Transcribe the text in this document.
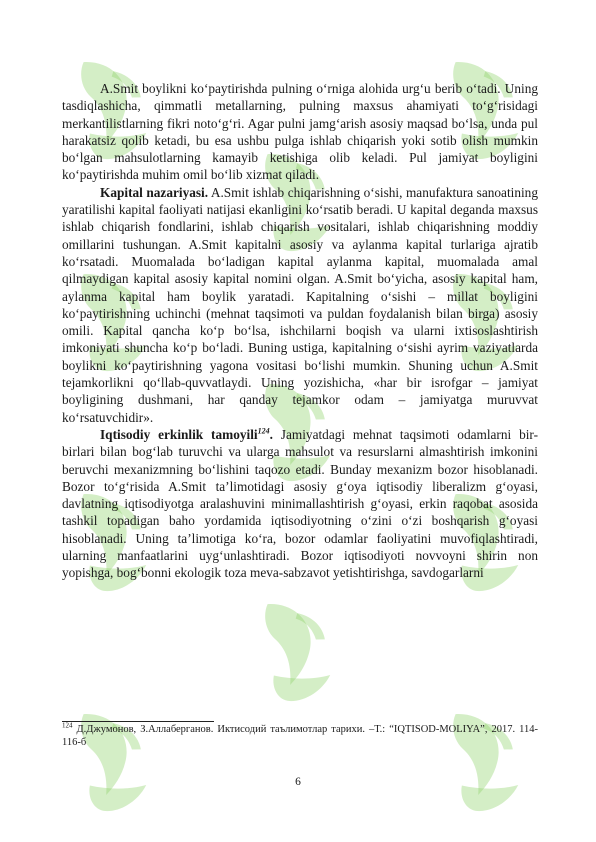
A.Smit boylikni ko‘paytirishda pulning o‘rniga alohida urg‘u berib o‘tadi. Uning tasdiqlashicha, qimmatli metallarning, pulning maxsus ahamiyati to‘g‘risidagi merkantilistlarning fikri noto‘g‘ri. Agar pulni jamg‘arish asosiy maqsad bo‘lsa, unda pul harakatsiz qolib ketadi, bu esa ushbu pulga ishlab chiqarish yoki sotib olish mumkin bo‘lgan mahsulotlarning kamayib ketishiga olib keladi. Pul jamiyat boyligini ko‘paytirishda muhim omil bo‘lib xizmat qiladi.

Kapital nazariyasi. A.Smit ishlab chiqarishning o‘sishi, manufaktura sanoatining yaratilishi kapital faoliyati natijasi ekanligini ko‘rsatib beradi. U kapital deganda maxsus ishlab chiqarish fondlarini, ishlab chiqarish vositalari, ishlab chiqarishning moddiy omillarini tushungan. A.Smit kapitalni asosiy va aylanma kapital turlariga ajratib ko‘rsatadi. Muomalada bo‘ladigan kapital aylanma kapital, muomalada amal qilmaydigan kapital asosiy kapital nomini olgan. A.Smit bo‘yicha, asosiy kapital ham, aylanma kapital ham boylik yaratadi. Kapitalning o‘sishi – millat boyligini ko‘paytirishning uchinchi (mehnat taqsimoti va puldan foydalanish bilan birga) asosiy omili. Kapital qancha ko‘p bo‘lsa, ishchilarni boqish va ularni ixtisoslashtirish imkoniyati shuncha ko‘p bo‘ladi. Buning ustiga, kapitalning o‘sishi ayrim vaziyatlarda boylikni ko‘paytirishning yagona vositasi bo‘lishi mumkin. Shuning uchun A.Smit tejamkorlikni qo‘llab-quvvatlaydi. Uning yozishicha, «har bir isrofgar – jamiyat boyligining dushmani, har qanday tejamkor odam – jamiyatga muruvvat ko‘rsatuvchidir».

Iqtisodiy erkinlik tamoyili$^{124}$. Jamiyatdagi mehnat taqsimoti odamlarni bir-birlari bilan bog‘lab turuvchi va ularga mahsulot va resurslarni almashtirish imkonini beruvchi mexanizmning bo‘lishini taqozo etadi. Bunday mexanizm bozor hisoblanadi. Bozor to‘g‘risida A.Smit ta’limotidagi asosiy g‘oya iqtisodiy liberalizm g‘oyasi, davlatning iqtisodiyotga aralashuvini minimallashtirish g‘oyasi, erkin raqobat asosida tashkil topadigan baho yordamida iqtisodiyotning o‘zini o‘zi boshqarish g‘oyasi hisoblanadi. Uning ta’limotiga ko‘ra, bozor odamlar faoliyatini muvofiqlashtiradi, ularning manfaatlarini uyg‘unlashtiradi. Bozor iqtisodiyoti novvoyni shirin non yopishga, bog‘bonni ekologik toza meva-sabzavot yetishtirishga, savdogarlarni

$^{124}$ Д.Джумонов, З.Аллаберганов. Иктисодий таълимотлар тарихи. –Т.: “IQTISOD-MOLIYA”, 2017. 114-116-б
6
